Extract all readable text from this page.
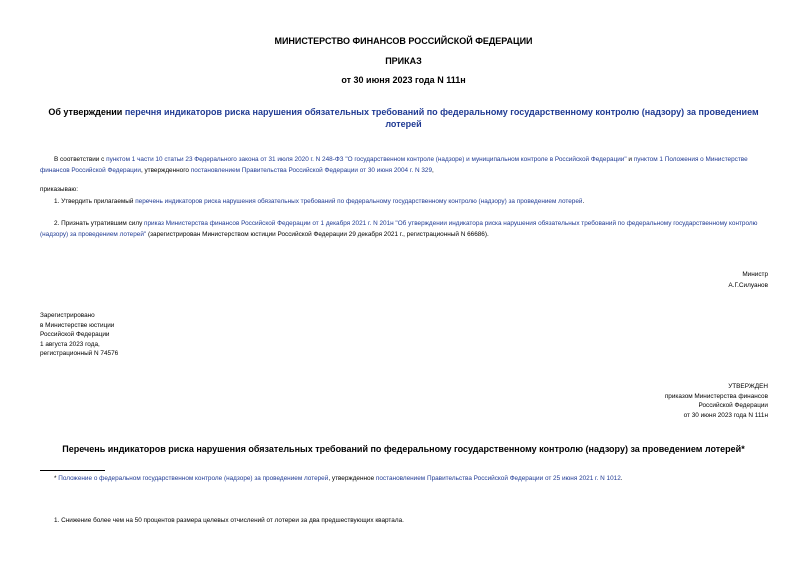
МИНИСТЕРСТВО ФИНАНСОВ РОССИЙСКОЙ ФЕДЕРАЦИИ
ПРИКАЗ
от 30 июня 2023 года N 111н
Об утверждении перечня индикаторов риска нарушения обязательных требований по федеральному государственному контролю (надзору) за проведением лотерей
В соответствии с пунктом 1 части 10 статьи 23 Федерального закона от 31 июля 2020 г. N 248-ФЗ "О государственном контроле (надзоре) и муниципальном контроле в Российской Федерации" и пунктом 1 Положения о Министерстве финансов Российской Федерации, утвержденного постановлением Правительства Российской Федерации от 30 июня 2004 г. N 329,
приказываю:
1. Утвердить прилагаемый перечень индикаторов риска нарушения обязательных требований по федеральному государственному контролю (надзору) за проведением лотерей.
2. Признать утратившим силу приказ Министерства финансов Российской Федерации от 1 декабря 2021 г. N 201н "Об утверждении индикатора риска нарушения обязательных требований по федеральному государственному контролю (надзору) за проведением лотерей" (зарегистрирован Министерством юстиции Российской Федерации 29 декабря 2021 г., регистрационный N 66686).
Министр
А.Г.Силуанов
Зарегистрировано
в Министерстве юстиции
Российской Федерации
1 августа 2023 года,
регистрационный N 74576
УТВЕРЖДЕН
приказом Министерства финансов
Российской Федерации
от 30 июня 2023 года N 111н
Перечень индикаторов риска нарушения обязательных требований по федеральному государственному контролю (надзору) за проведением лотерей*
* Положение о федеральном государственном контроле (надзоре) за проведением лотерей, утвержденное постановлением Правительства Российской Федерации от 25 июня 2021 г. N 1012.
1. Снижение более чем на 50 процентов размера целевых отчислений от лотереи за два предшествующих квартала.
